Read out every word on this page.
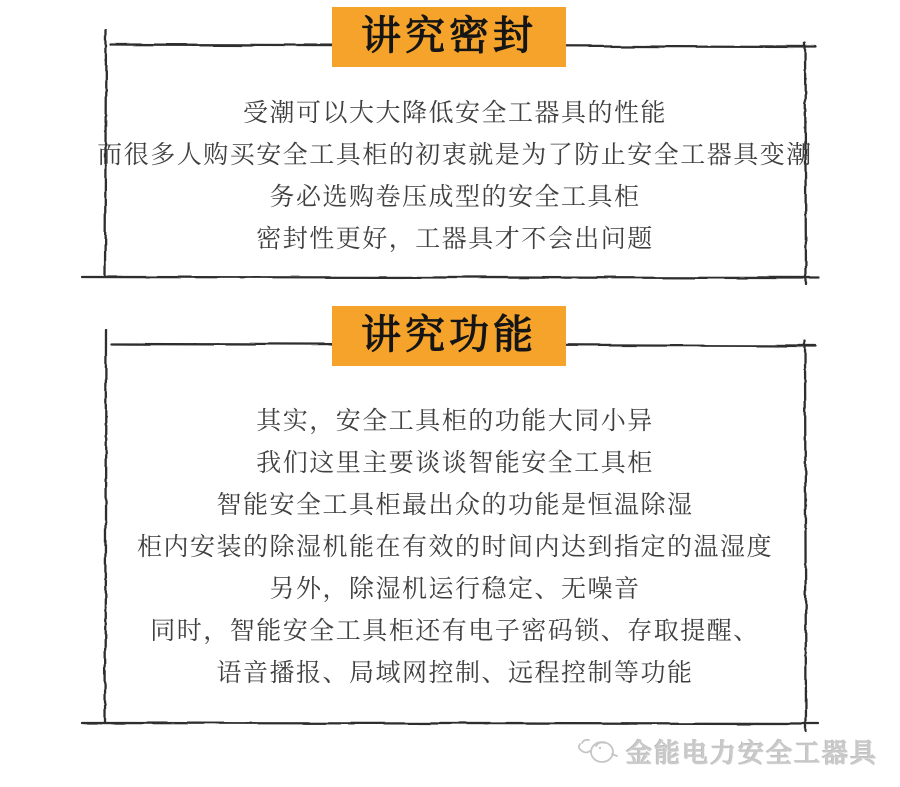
讲究密封
受潮可以大大降低安全工器具的性能
而很多人购买安全工具柜的初衷就是为了防止安全工器具变潮
务必选购卷压成型的安全工具柜
密封性更好，工器具才不会出问题
讲究功能
其实，安全工具柜的功能大同小异
我们这里主要谈谈智能安全工具柜
智能安全工具柜最出众的功能是恒温除湿
柜内安装的除湿机能在有效的时间内达到指定的温湿度
另外，除湿机运行稳定、无噪音
同时，智能安全工具柜还有电子密码锁、存取提醒、
语音播报、局域网控制、远程控制等功能
金能电力安全工器具
